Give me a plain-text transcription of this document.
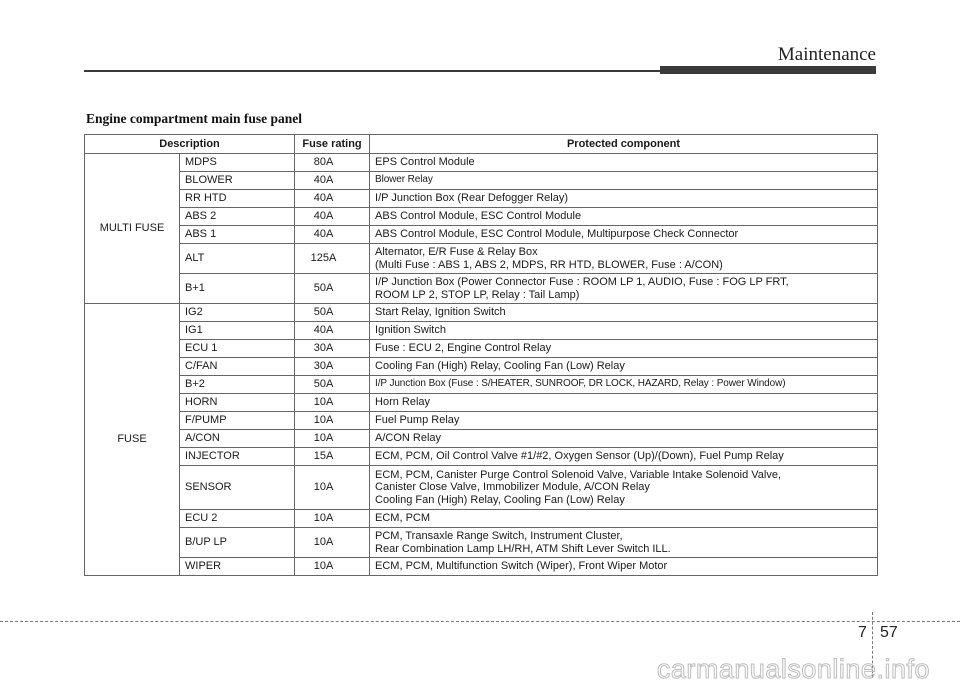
Maintenance
Engine compartment main fuse panel
Description		Fuse rating	Protected component
MULTI FUSE	MDPS	80A	EPS Control Module
	BLOWER	40A	Blower Relay
	RR HTD	40A	I/P Junction Box (Rear Defogger Relay)
	ABS 2	40A	ABS Control Module, ESC Control Module
	ABS 1	40A	ABS Control Module, ESC Control Module, Multipurpose Check Connector
	ALT	125A	Alternator, E/R Fuse & Relay Box
(Multi Fuse : ABS 1, ABS 2, MDPS, RR HTD, BLOWER, Fuse : A/CON)
	B+1	50A	I/P Junction Box (Power Connector Fuse : ROOM LP 1, AUDIO, Fuse : FOG LP FRT,
ROOM LP 2, STOP LP, Relay : Tail Lamp)
FUSE	IG2	50A	Start Relay, Ignition Switch
	IG1	40A	Ignition Switch
	ECU 1	30A	Fuse : ECU 2, Engine Control Relay
	C/FAN	30A	Cooling Fan (High) Relay, Cooling Fan (Low) Relay
	B+2	50A	I/P Junction Box (Fuse : S/HEATER, SUNROOF, DR LOCK, HAZARD, Relay : Power Window)
	HORN	10A	Horn Relay
	F/PUMP	10A	Fuel Pump Relay
	A/CON	10A	A/CON Relay
	INJECTOR	15A	ECM, PCM, Oil Control Valve #1/#2, Oxygen Sensor (Up)/(Down), Fuel Pump Relay
	SENSOR	10A	ECM, PCM, Canister Purge Control Solenoid Valve, Variable Intake Solenoid Valve,
Canister Close Valve, Immobilizer Module, A/CON Relay
Cooling Fan (High) Relay, Cooling Fan (Low) Relay
	ECU 2	10A	ECM, PCM
	B/UP LP	10A	PCM, Transaxle Range Switch, Instrument Cluster,
Rear Combination Lamp LH/RH, ATM Shift Lever Switch ILL.
	WIPER	10A	ECM, PCM, Multifunction Switch (Wiper), Front Wiper Motor
57
7
carmanualsonline.info
